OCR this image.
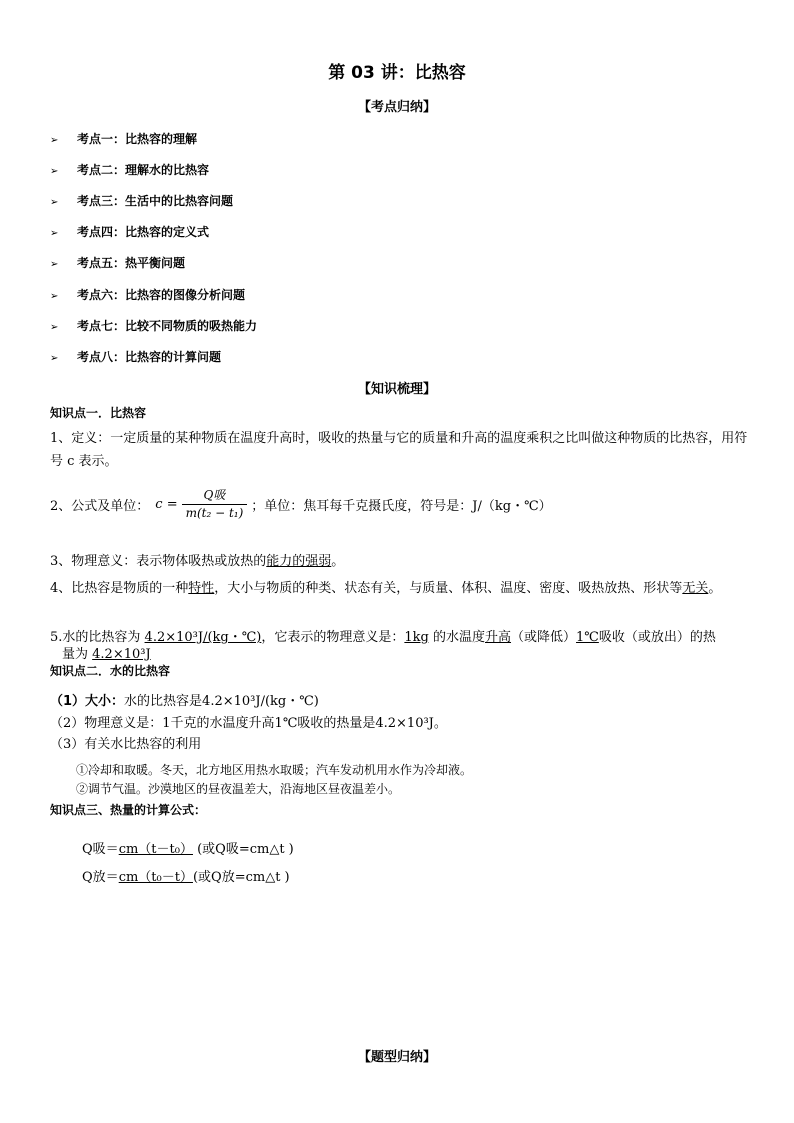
第 03 讲：比热容
【考点归纳】
➢ 考点一：比热容的理解
➢ 考点二：理解水的比热容
➢ 考点三：生活中的比热容问题
➢ 考点四：比热容的定义式
➢ 考点五：热平衡问题
➢ 考点六：比热容的图像分析问题
➢ 考点七：比较不同物质的吸热能力
➢ 考点八：比热容的计算问题
【知识梳理】
知识点一．比热容
1、定义：一定质量的某种物质在温度升高时，吸收的热量与它的质量和升高的温度乘积之比叫做这种物质的比热容，用符号 c 表示。
2、公式及单位： $c = \frac{\text{Q吸}}{\text{m(t₂ − t₁)}}$ ；单位：焦耳每千克摄氏度，符号是：J/（kg・℃）
3、物理意义：表示物体吸热或放热的能力的强弱。
4、比热容是物质的一种特性，大小与物质的种类、状态有关，与质量、体积、温度、密度、吸热放热、形状等无关。
5.水的比热容为 4.2×10³J/(kg・℃)，它表示的物理意义是：1kg 的水温度升高（或降低）1℃吸收（或放出）的热
量为 4.2×10³J
知识点二．水的比热容
（1）大小：水的比热容是4.2×10³J/(kg・℃)
（2）物理意义是：1千克的水温度升高1℃吸收的热量是4.2×10³J。
（3）有关水比热容的利用
①冷却和取暖。冬天，北方地区用热水取暖；汽车发动机用水作为冷却液。
②调节气温。沙漠地区的昼夜温差大，沿海地区昼夜温差小。
知识点三、热量的计算公式：
Q吸＝cm（t－t₀） (或Q吸=cm△t )
Q放＝cm（t₀－t）(或Q放=cm△t )
【题型归纳】
